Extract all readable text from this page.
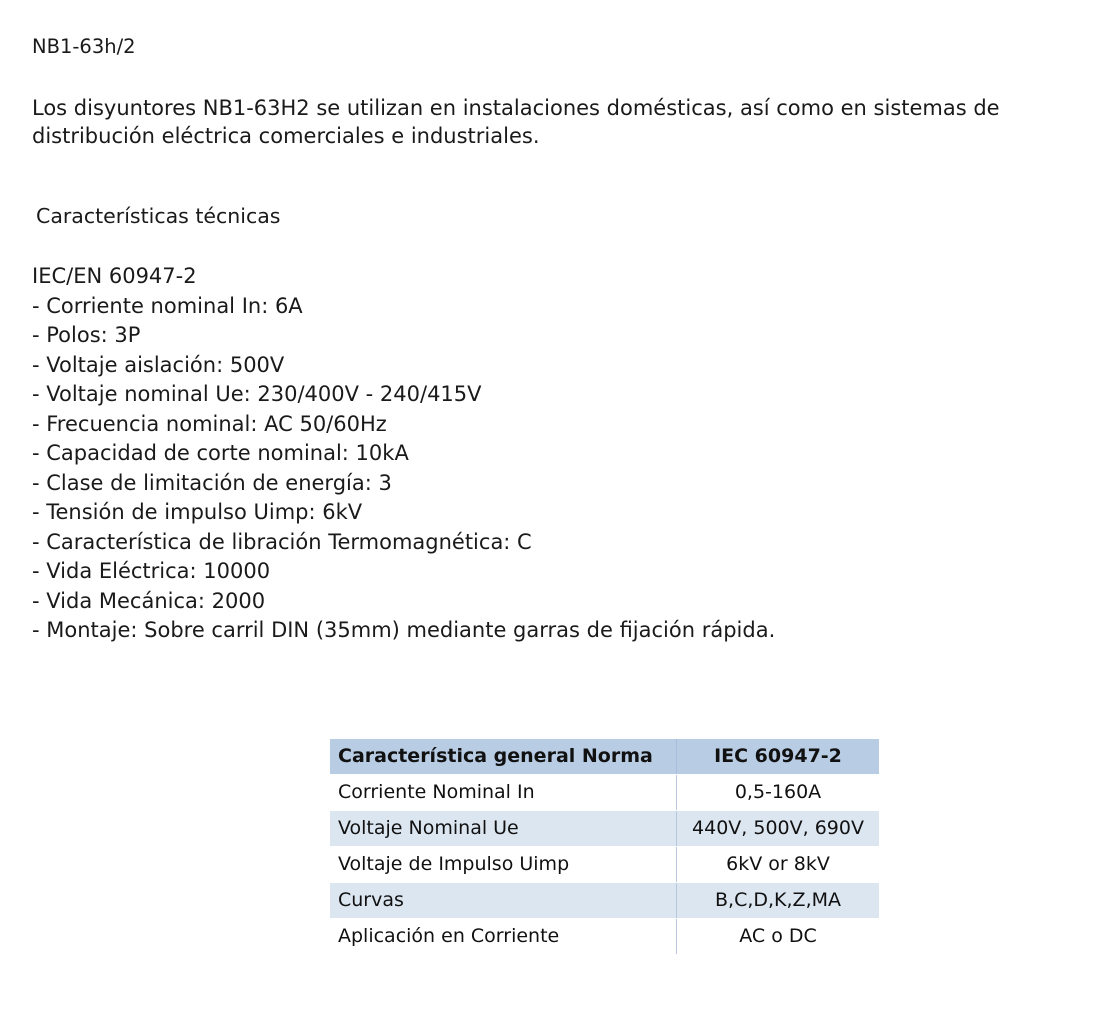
NB1-63h/2

Los disyuntores NB1-63H2 se utilizan en instalaciones domésticas, así como en sistemas de distribución eléctrica comerciales e industriales.

Características técnicas
IEC/EN 60947-2
- Corriente nominal In: 6A
- Polos: 3P
- Voltaje aislación: 500V
- Voltaje nominal Ue: 230/400V - 240/415V
- Frecuencia nominal: AC 50/60Hz
- Capacidad de corte nominal: 10kA
- Clase de limitación de energía: 3
- Tensión de impulso Uimp: 6kV
- Característica de libración Termomagnética: C
- Vida Eléctrica: 10000
- Vida Mecánica: 2000
- Montaje: Sobre carril DIN (35mm) mediante garras de fijación rápida.
Característica general Norma	IEC 60947-2
Corriente Nominal In	0,5-160A
Voltaje Nominal Ue	440V, 500V, 690V
Voltaje de Impulso Uimp	6kV or 8kV
Curvas	B,C,D,K,Z,MA
Aplicación en Corriente	AC o DC
